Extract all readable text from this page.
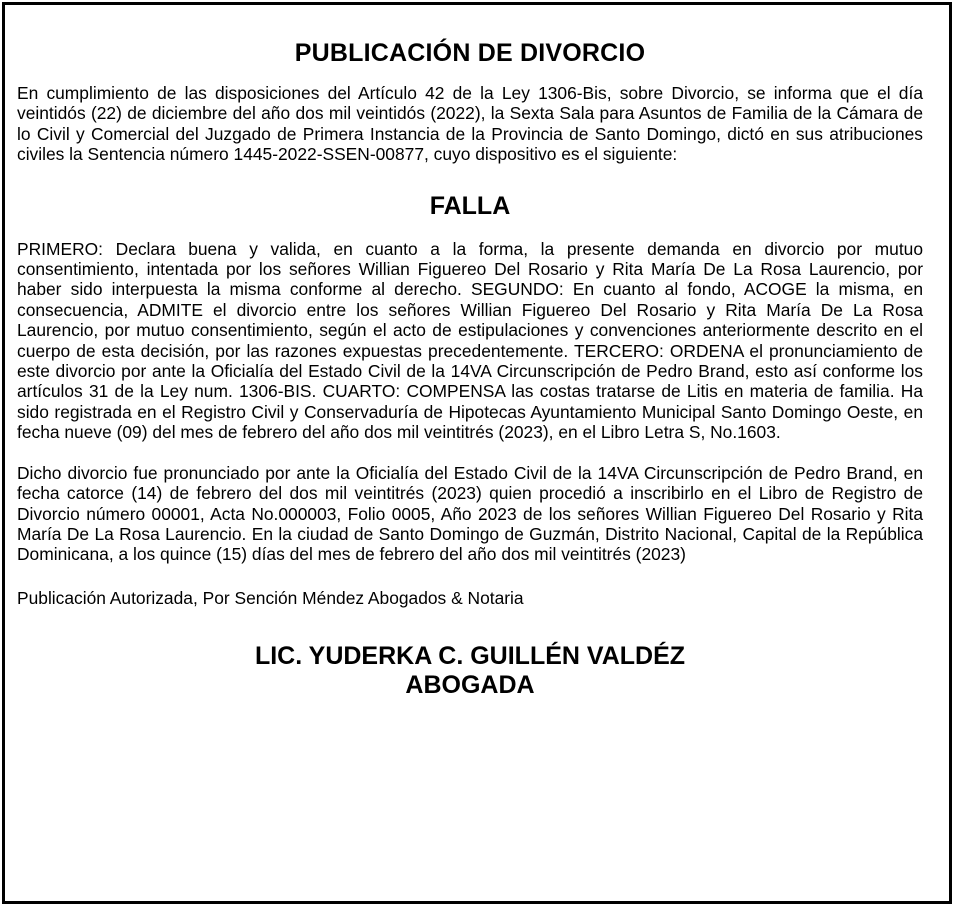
PUBLICACIÓN DE DIVORCIO

En cumplimiento de las disposiciones del Artículo 42 de la Ley 1306-Bis, sobre Divorcio, se informa que el día veintidós (22) de diciembre del año dos mil veintidós (2022), la Sexta Sala para Asuntos de Familia de la Cámara de lo Civil y Comercial del Juzgado de Primera Instancia de la Provincia de Santo Domingo, dictó en sus atribuciones civiles la Sentencia número 1445-2022-SSEN-00877, cuyo dispositivo es el siguiente:

FALLA

PRIMERO: Declara buena y valida, en cuanto a la forma, la presente demanda en divorcio por mutuo consentimiento, intentada por los señores Willian Figuereo Del Rosario y Rita María De La Rosa Laurencio, por haber sido interpuesta la misma conforme al derecho. SEGUNDO: En cuanto al fondo, ACOGE la misma, en consecuencia, ADMITE el divorcio entre los señores Willian Figuereo Del Rosario y Rita María De La Rosa Laurencio, por mutuo consentimiento, según el acto de estipulaciones y convenciones anteriormente descrito en el cuerpo de esta decisión, por las razones expuestas precedentemente. TERCERO: ORDENA el pronunciamiento de este divorcio por ante la Oficialía del Estado Civil de la 14VA Circunscripción de Pedro Brand, esto así conforme los artículos 31 de la Ley num. 1306-BIS. CUARTO: COMPENSA las costas tratarse de Litis en materia de familia. Ha sido registrada en el Registro Civil y Conservaduría de Hipotecas Ayuntamiento Municipal Santo Domingo Oeste, en fecha nueve (09) del mes de febrero del año dos mil veintitrés (2023), en el Libro Letra S, No.1603.

Dicho divorcio fue pronunciado por ante la Oficialía del Estado Civil de la 14VA Circunscripción de Pedro Brand, en fecha catorce (14) de febrero del dos mil veintitrés (2023) quien procedió a inscribirlo en el Libro de Registro de Divorcio número 00001, Acta No.000003, Folio 0005, Año 2023 de los señores Willian Figuereo Del Rosario y Rita María De La Rosa Laurencio. En la ciudad de Santo Domingo de Guzmán, Distrito Nacional, Capital de la República Dominicana, a los quince (15) días del mes de febrero del año dos mil veintitrés (2023)

Publicación Autorizada, Por Sención Méndez Abogados & Notaria

LIC. YUDERKA C. GUILLÉN VALDÉZ
ABOGADA
